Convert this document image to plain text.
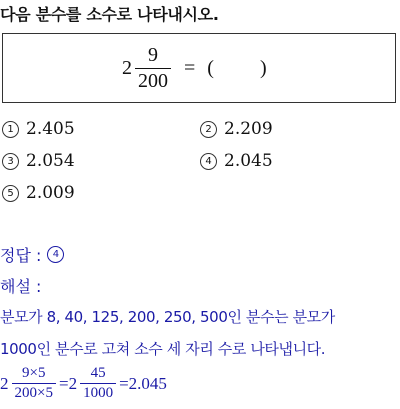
다음 분수를 소수로 나타내시오.
$2 \frac{9}{200}$ = ( )
1 2.405	2 2.209
3 2.054	4 2.045
5 2.009
정답 :	4
해설 :
분모가 8, 40, 125, 200, 250, 500인 분수는 분모가
1000인 분수로 고쳐 소수 세 자리 수로 나타냅니다.
$2 \frac{9\times 5}{200\times 5} = 2 \frac{45}{1000} = 2.045$
